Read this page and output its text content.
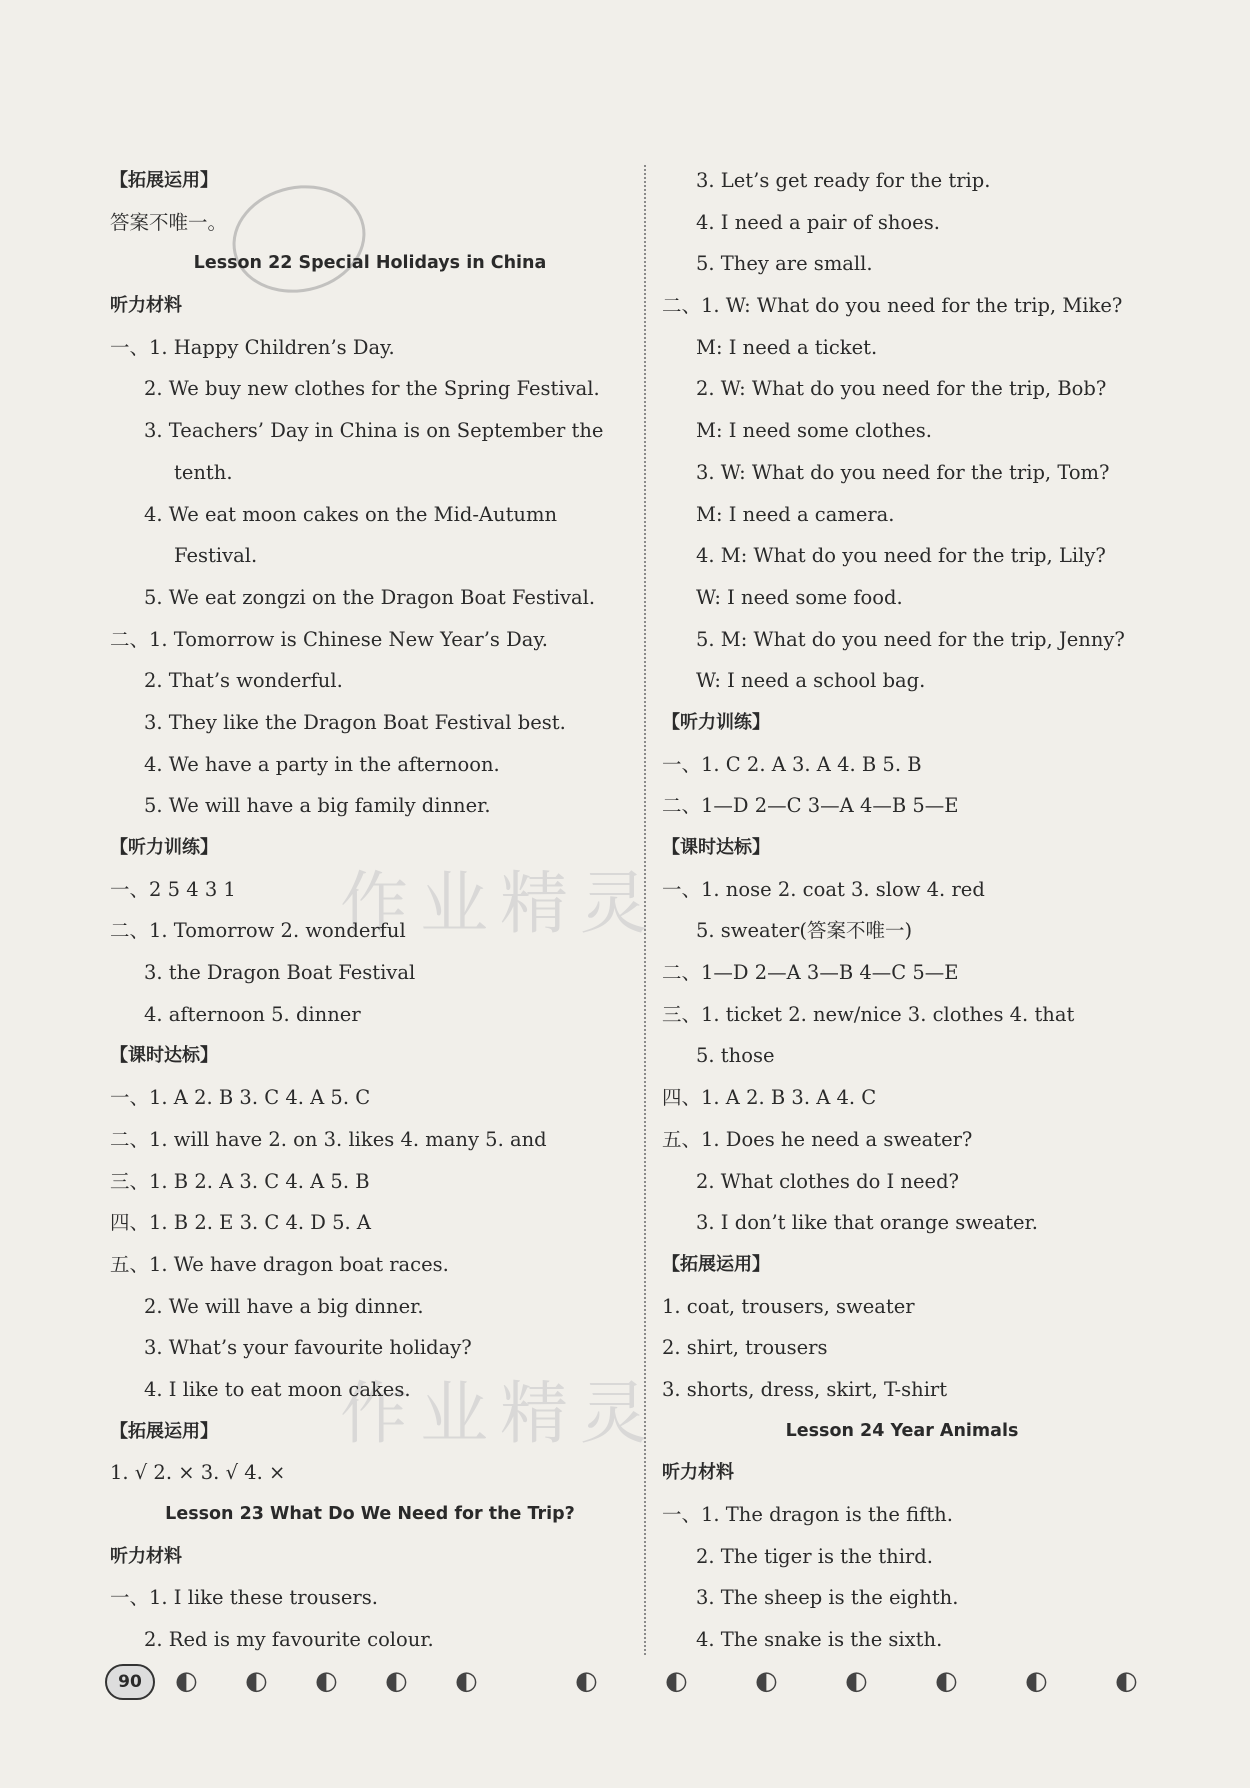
作业精灵
作业精灵
【拓展运用】
答案不唯一。
Lesson 22 Special Holidays in China
听力材料
一、1. Happy Children’s Day.
2. We buy new clothes for the Spring Festival.
3. Teachers’ Day in China is on September the
tenth.
4. We eat moon cakes on the Mid-Autumn
Festival.
5. We eat zongzi on the Dragon Boat Festival.
二、1. Tomorrow is Chinese New Year’s Day.
2. That’s wonderful.
3. They like the Dragon Boat Festival best.
4. We have a party in the afternoon.
5. We will have a big family dinner.
【听力训练】
一、2 5 4 3 1
二、1. Tomorrow 2. wonderful
3. the Dragon Boat Festival
4. afternoon 5. dinner
【课时达标】
一、1. A 2. B 3. C 4. A 5. C
二、1. will have 2. on 3. likes 4. many 5. and
三、1. B 2. A 3. C 4. A 5. B
四、1. B 2. E 3. C 4. D 5. A
五、1. We have dragon boat races.
2. We will have a big dinner.
3. What’s your favourite holiday?
4. I like to eat moon cakes.
【拓展运用】
1. √ 2. × 3. √ 4. ×
Lesson 23 What Do We Need for the Trip?
听力材料
一、1. I like these trousers.
2. Red is my favourite colour.
3. Let’s get ready for the trip.
4. I need a pair of shoes.
5. They are small.
二、1. W: What do you need for the trip, Mike?
M: I need a ticket.
2. W: What do you need for the trip, Bob?
M: I need some clothes.
3. W: What do you need for the trip, Tom?
M: I need a camera.
4. M: What do you need for the trip, Lily?
W: I need some food.
5. M: What do you need for the trip, Jenny?
W: I need a school bag.
【听力训练】
一、1. C 2. A 3. A 4. B 5. B
二、1—D 2—C 3—A 4—B 5—E
【课时达标】
一、1. nose 2. coat 3. slow 4. red
5. sweater(答案不唯一)
二、1—D 2—A 3—B 4—C 5—E
三、1. ticket 2. new/nice 3. clothes 4. that
5. those
四、1. A 2. B 3. A 4. C
五、1. Does he need a sweater?
2. What clothes do I need?
3. I don’t like that orange sweater.
【拓展运用】
1. coat, trousers, sweater
2. shirt, trousers
3. shorts, dress, skirt, T-shirt
Lesson 24 Year Animals
听力材料
一、1. The dragon is the fifth.
2. The tiger is the third.
3. The sheep is the eighth.
4. The snake is the sixth.
90	◐ ◐ ◐ ◐ ◐	◐	◐	◐	◐	◐	◐	◐
